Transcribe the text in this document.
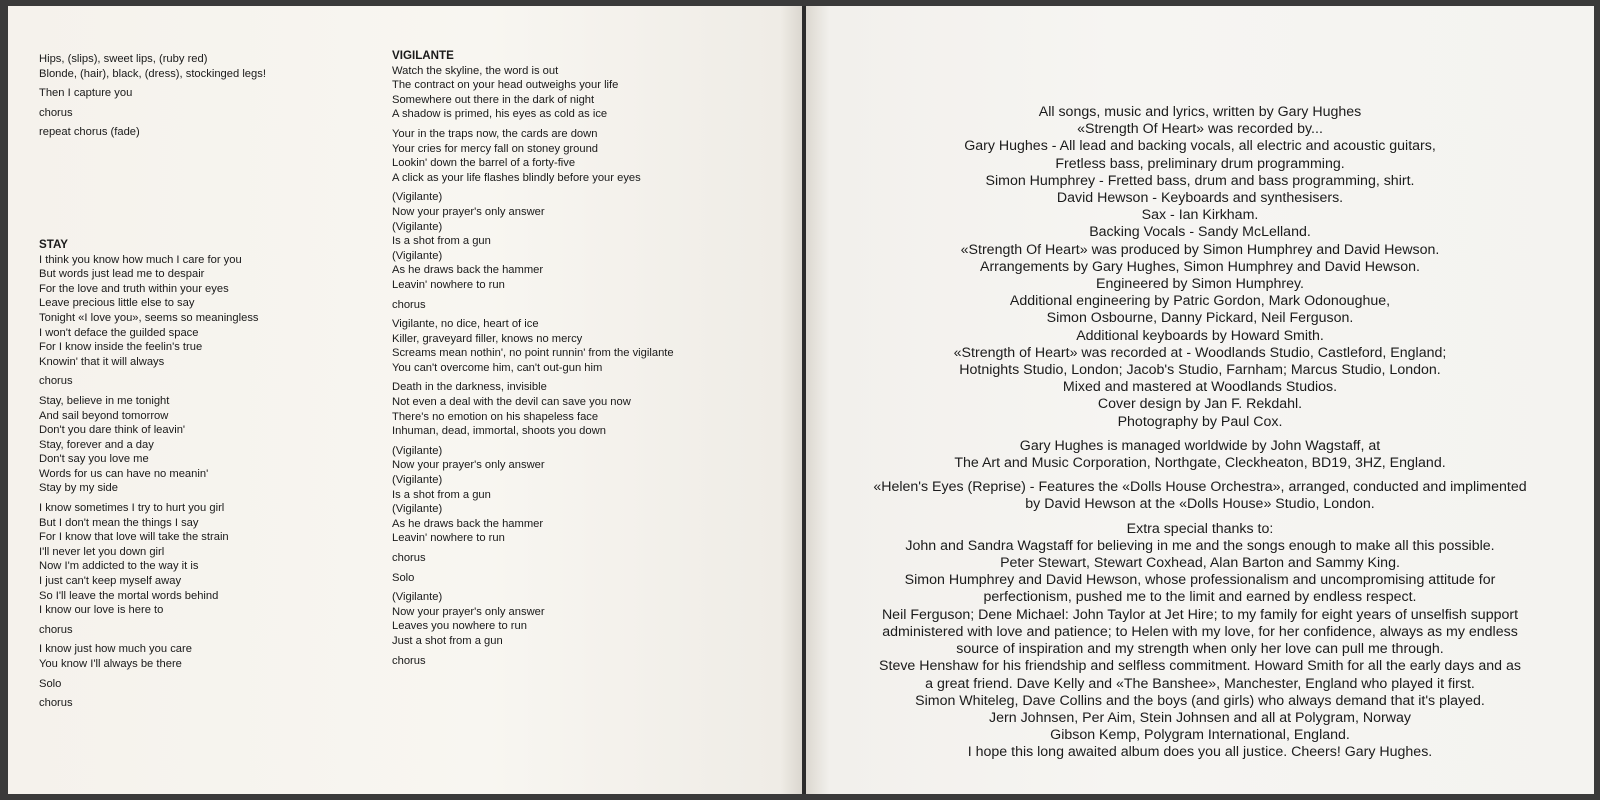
Hips, (slips), sweet lips, (ruby red)
Blonde, (hair), black, (dress), stockinged legs!
Then I capture you
chorus
repeat chorus (fade)
STAY
I think you know how much I care for you
But words just lead me to despair
For the love and truth within your eyes
Leave precious little else to say
Tonight «I love you», seems so meaningless
I won't deface the guilded space
For I know inside the feelin's true
Knowin' that it will always
chorus
Stay, believe in me tonight
And sail beyond tomorrow
Don't you dare think of leavin'
Stay, forever and a day
Don't say you love me
Words for us can have no meanin'
Stay by my side
I know sometimes I try to hurt you girl
But I don't mean the things I say
For I know that love will take the strain
I'll never let you down girl
Now I'm addicted to the way it is
I just can't keep myself away
So I'll leave the mortal words behind
I know our love is here to
chorus
I know just how much you care
You know I'll always be there
Solo
chorus
VIGILANTE
Watch the skyline, the word is out
The contract on your head outweighs your life
Somewhere out there in the dark of night
A shadow is primed, his eyes as cold as ice
Your in the traps now, the cards are down
Your cries for mercy fall on stoney ground
Lookin' down the barrel of a forty-five
A click as your life flashes blindly before your eyes
(Vigilante)
Now your prayer's only answer
(Vigilante)
Is a shot from a gun
(Vigilante)
As he draws back the hammer
Leavin' nowhere to run
chorus
Vigilante, no dice, heart of ice
Killer, graveyard filler, knows no mercy
Screams mean nothin', no point runnin' from the vigilante
You can't overcome him, can't out-gun him
Death in the darkness, invisible
Not even a deal with the devil can save you now
There's no emotion on his shapeless face
Inhuman, dead, immortal, shoots you down
(Vigilante)
Now your prayer's only answer
(Vigilante)
Is a shot from a gun
(Vigilante)
As he draws back the hammer
Leavin' nowhere to run
chorus
Solo
(Vigilante)
Now your prayer's only answer
Leaves you nowhere to run
Just a shot from a gun
chorus
All songs, music and lyrics, written by Gary Hughes
«Strength Of Heart» was recorded by...
Gary Hughes - All lead and backing vocals, all electric and acoustic guitars,
Fretless bass, preliminary drum programming.
Simon Humphrey - Fretted bass, drum and bass programming, shirt.
David Hewson - Keyboards and synthesisers.
Sax - Ian Kirkham.
Backing Vocals - Sandy McLelland.
«Strength Of Heart» was produced by Simon Humphrey and David Hewson.
Arrangements by Gary Hughes, Simon Humphrey and David Hewson.
Engineered by Simon Humphrey.
Additional engineering by Patric Gordon, Mark Odonoughue,
Simon Osbourne, Danny Pickard, Neil Ferguson.
Additional keyboards by Howard Smith.
«Strength of Heart» was recorded at - Woodlands Studio, Castleford, England;
Hotnights Studio, London; Jacob's Studio, Farnham; Marcus Studio, London.
Mixed and mastered at Woodlands Studios.
Cover design by Jan F. Rekdahl.
Photography by Paul Cox.
Gary Hughes is managed worldwide by John Wagstaff, at
The Art and Music Corporation, Northgate, Cleckheaton, BD19, 3HZ, England.
«Helen's Eyes (Reprise) - Features the «Dolls House Orchestra», arranged, conducted and implimented
by David Hewson at the «Dolls House» Studio, London.
Extra special thanks to:
John and Sandra Wagstaff for believing in me and the songs enough to make all this possible.
Peter Stewart, Stewart Coxhead, Alan Barton and Sammy King.
Simon Humphrey and David Hewson, whose professionalism and uncompromising attitude for
perfectionism, pushed me to the limit and earned by endless respect.
Neil Ferguson; Dene Michael: John Taylor at Jet Hire; to my family for eight years of unselfish support
administered with love and patience; to Helen with my love, for her confidence, always as my endless
source of inspiration and my strength when only her love can pull me through.
Steve Henshaw for his friendship and selfless commitment. Howard Smith for all the early days and as
a great friend. Dave Kelly and «The Banshee», Manchester, England who played it first.
Simon Whiteleg, Dave Collins and the boys (and girls) who always demand that it's played.
Jern Johnsen, Per Aim, Stein Johnsen and all at Polygram, Norway
Gibson Kemp, Polygram International, England.
I hope this long awaited album does you all justice. Cheers! Gary Hughes.
